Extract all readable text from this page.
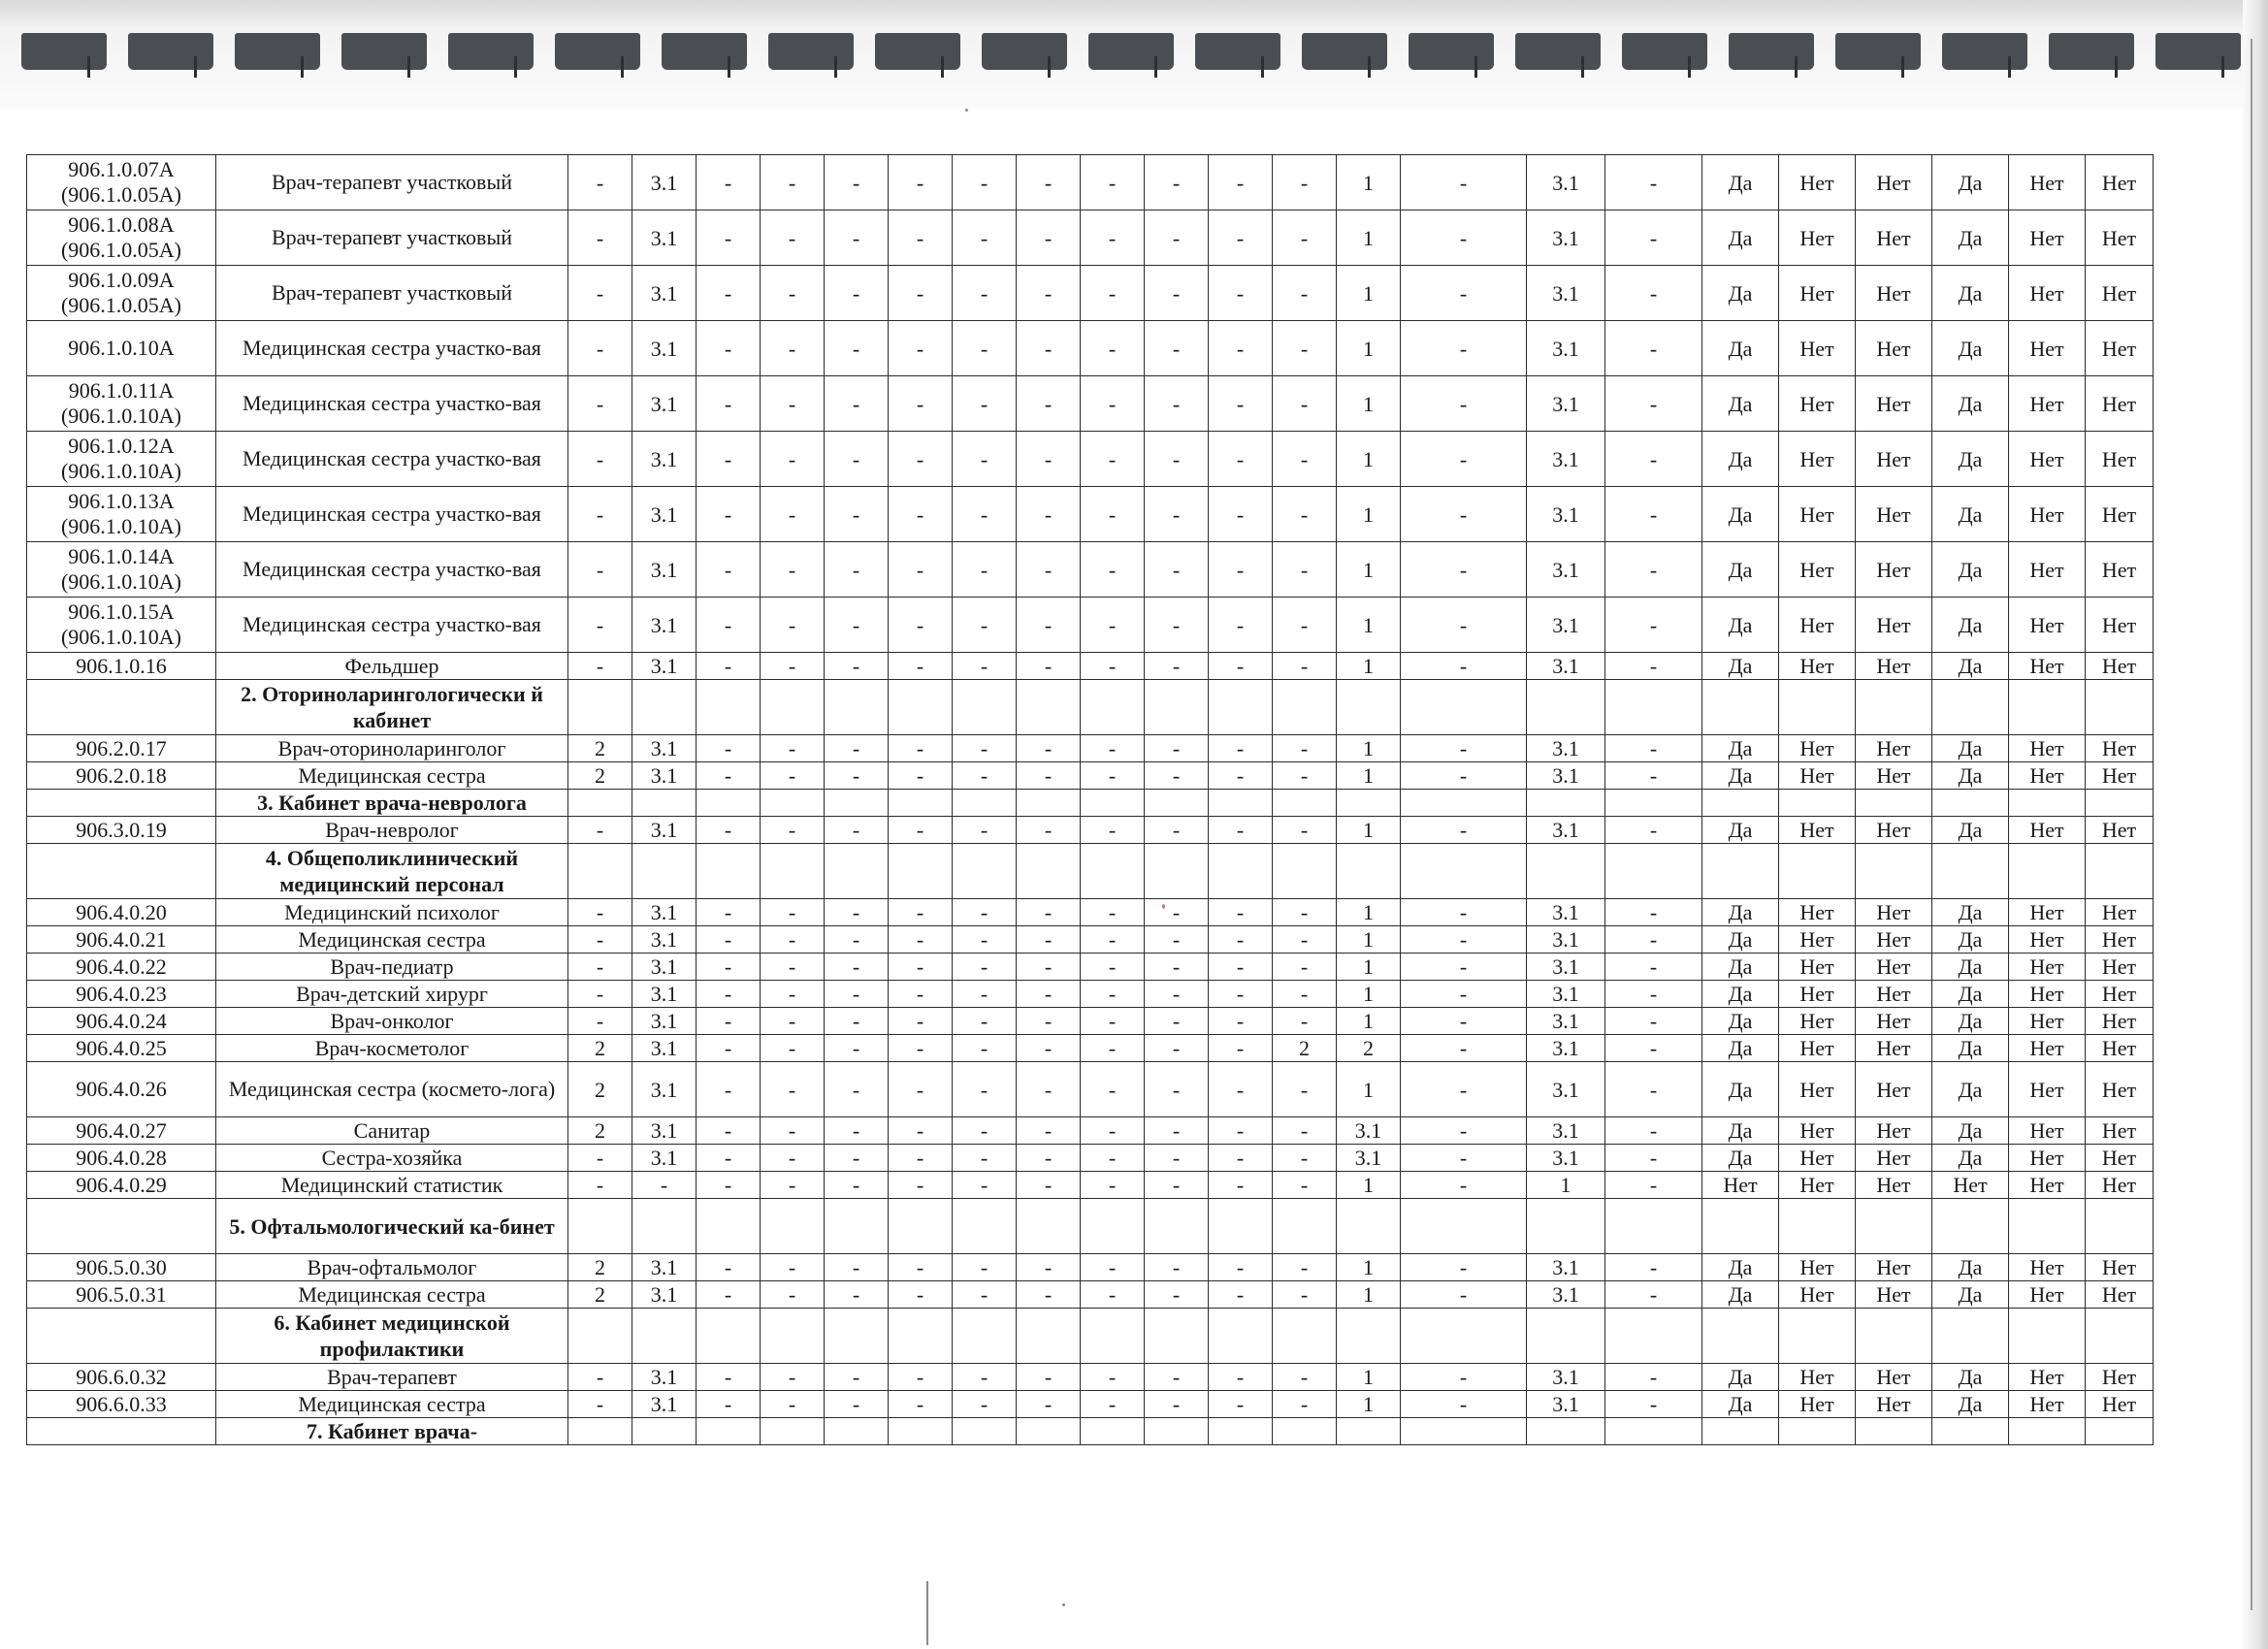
906.1.0.07А (906.1.0.05А)	Врач-терапевт участковый	-	3.1	-	-	-	-	-	-	-	-	-	-	1	-	3.1	-	Да	Нет	Нет	Да	Нет	Нет
906.1.0.08А (906.1.0.05А)	Врач-терапевт участковый	-	3.1	-	-	-	-	-	-	-	-	-	-	1	-	3.1	-	Да	Нет	Нет	Да	Нет	Нет
906.1.0.09А (906.1.0.05А)	Врач-терапевт участковый	-	3.1	-	-	-	-	-	-	-	-	-	-	1	-	3.1	-	Да	Нет	Нет	Да	Нет	Нет
906.1.0.10А	Медицинская сестра участко-вая	-	3.1	-	-	-	-	-	-	-	-	-	-	1	-	3.1	-	Да	Нет	Нет	Да	Нет	Нет
906.1.0.11А (906.1.0.10А)	Медицинская сестра участко-вая	-	3.1	-	-	-	-	-	-	-	-	-	-	1	-	3.1	-	Да	Нет	Нет	Да	Нет	Нет
906.1.0.12А (906.1.0.10А)	Медицинская сестра участко-вая	-	3.1	-	-	-	-	-	-	-	-	-	-	1	-	3.1	-	Да	Нет	Нет	Да	Нет	Нет
906.1.0.13А (906.1.0.10А)	Медицинская сестра участко-вая	-	3.1	-	-	-	-	-	-	-	-	-	-	1	-	3.1	-	Да	Нет	Нет	Да	Нет	Нет
906.1.0.14А (906.1.0.10А)	Медицинская сестра участко-вая	-	3.1	-	-	-	-	-	-	-	-	-	-	1	-	3.1	-	Да	Нет	Нет	Да	Нет	Нет
906.1.0.15А (906.1.0.10А)	Медицинская сестра участко-вая	-	3.1	-	-	-	-	-	-	-	-	-	-	1	-	3.1	-	Да	Нет	Нет	Да	Нет	Нет
906.1.0.16	Фельдшер	-	3.1	-	-	-	-	-	-	-	-	-	-	1	-	3.1	-	Да	Нет	Нет	Да	Нет	Нет
	2. Оториноларингологически й кабинет																						
906.2.0.17	Врач-оториноларинголог	2	3.1	-	-	-	-	-	-	-	-	-	-	1	-	3.1	-	Да	Нет	Нет	Да	Нет	Нет
906.2.0.18	Медицинская сестра	2	3.1	-	-	-	-	-	-	-	-	-	-	1	-	3.1	-	Да	Нет	Нет	Да	Нет	Нет
	3. Кабинет врача-невролога																						
906.3.0.19	Врач-невролог	-	3.1	-	-	-	-	-	-	-	-	-	-	1	-	3.1	-	Да	Нет	Нет	Да	Нет	Нет
	4. Общеполиклинический медицинский персонал																						
906.4.0.20	Медицинский психолог	-	3.1	-	-	-	-	-	-	-	-	-	-	1	-	3.1	-	Да	Нет	Нет	Да	Нет	Нет
906.4.0.21	Медицинская сестра	-	3.1	-	-	-	-	-	-	-	-	-	-	1	-	3.1	-	Да	Нет	Нет	Да	Нет	Нет
906.4.0.22	Врач-педиатр	-	3.1	-	-	-	-	-	-	-	-	-	-	1	-	3.1	-	Да	Нет	Нет	Да	Нет	Нет
906.4.0.23	Врач-детский хирург	-	3.1	-	-	-	-	-	-	-	-	-	-	1	-	3.1	-	Да	Нет	Нет	Да	Нет	Нет
906.4.0.24	Врач-онколог	-	3.1	-	-	-	-	-	-	-	-	-	-	1	-	3.1	-	Да	Нет	Нет	Да	Нет	Нет
906.4.0.25	Врач-косметолог	2	3.1	-	-	-	-	-	-	-	-	-	2	2	-	3.1	-	Да	Нет	Нет	Да	Нет	Нет
906.4.0.26	Медицинская сестра (космето-лога)	2	3.1	-	-	-	-	-	-	-	-	-	-	1	-	3.1	-	Да	Нет	Нет	Да	Нет	Нет
906.4.0.27	Санитар	2	3.1	-	-	-	-	-	-	-	-	-	-	3.1	-	3.1	-	Да	Нет	Нет	Да	Нет	Нет
906.4.0.28	Сестра-хозяйка	-	3.1	-	-	-	-	-	-	-	-	-	-	3.1	-	3.1	-	Да	Нет	Нет	Да	Нет	Нет
906.4.0.29	Медицинский статистик	-	-	-	-	-	-	-	-	-	-	-	-	1	-	1	-	Нет	Нет	Нет	Нет	Нет	Нет
	5. Офтальмологический ка-бинет																						
906.5.0.30	Врач-офтальмолог	2	3.1	-	-	-	-	-	-	-	-	-	-	1	-	3.1	-	Да	Нет	Нет	Да	Нет	Нет
906.5.0.31	Медицинская сестра	2	3.1	-	-	-	-	-	-	-	-	-	-	1	-	3.1	-	Да	Нет	Нет	Да	Нет	Нет
	6. Кабинет медицинской профилактики																						
906.6.0.32	Врач-терапевт	-	3.1	-	-	-	-	-	-	-	-	-	-	1	-	3.1	-	Да	Нет	Нет	Да	Нет	Нет
906.6.0.33	Медицинская сестра	-	3.1	-	-	-	-	-	-	-	-	-	-	1	-	3.1	-	Да	Нет	Нет	Да	Нет	Нет
	7. Кабинет врача-																						
